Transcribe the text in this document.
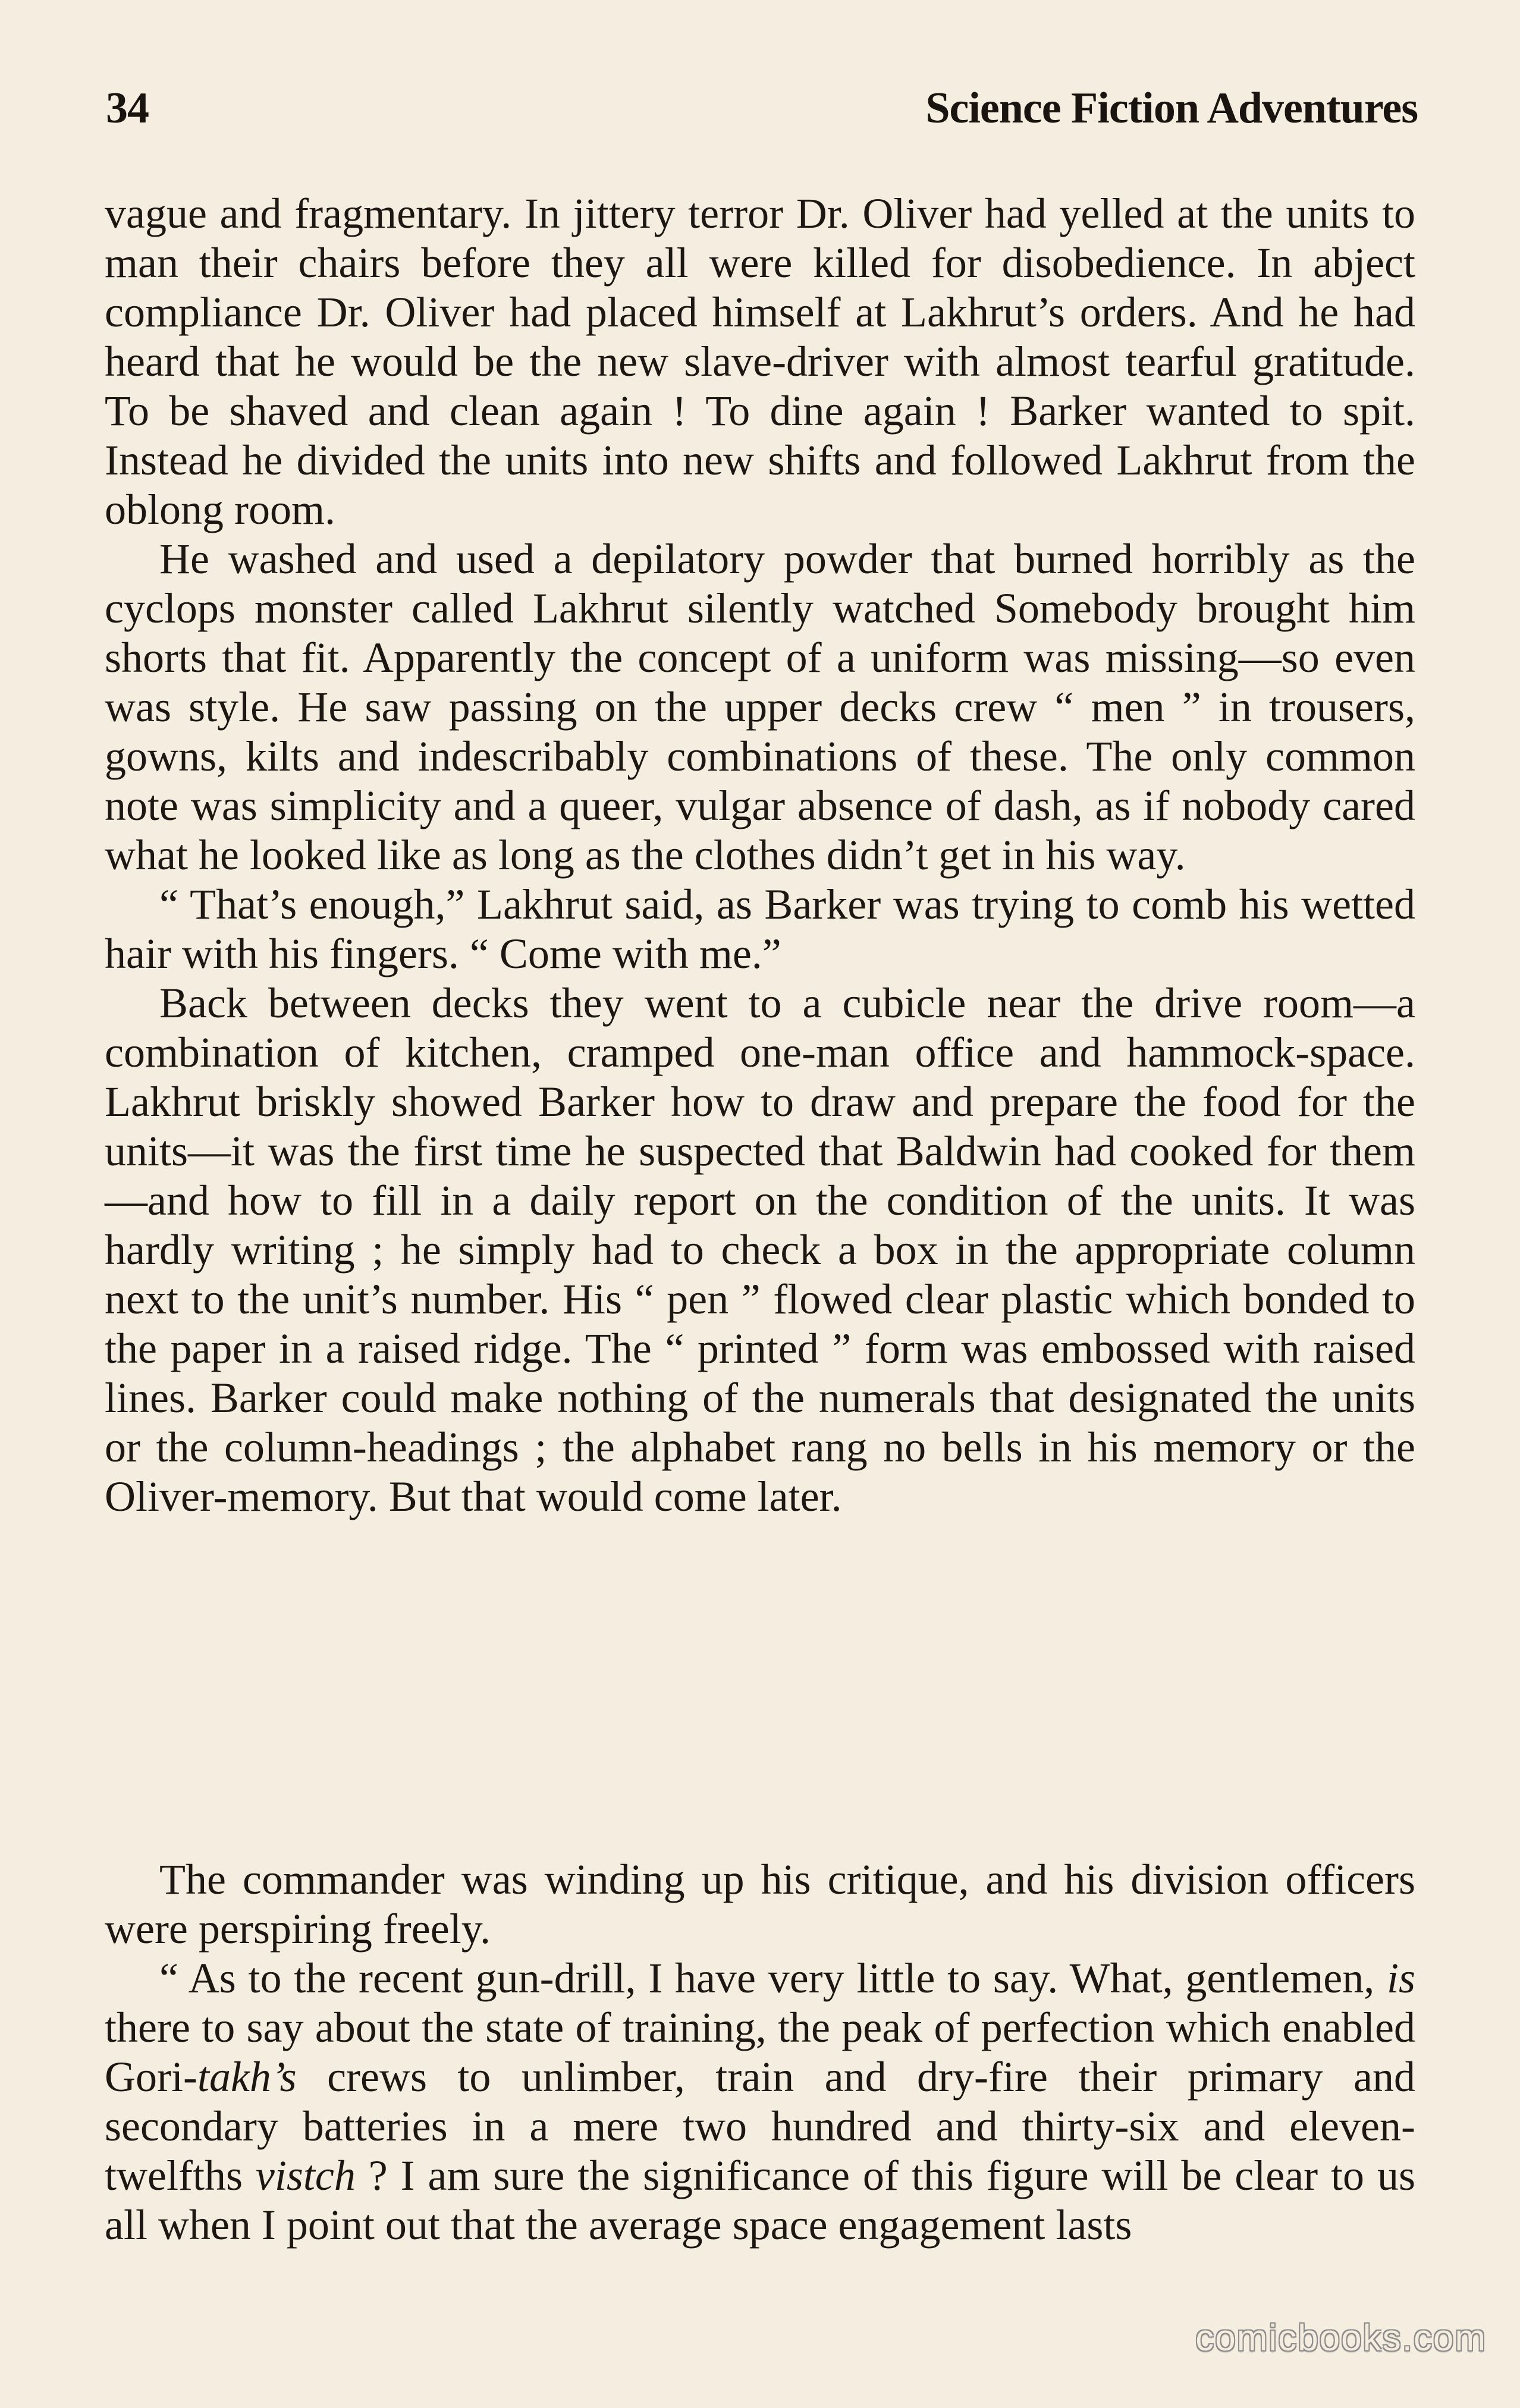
34	Science Fiction Adventures

vague and fragmentary. In jittery terror Dr. Oliver had yelled at the units to man their chairs before they all were killed for disobedience. In abject compliance Dr. Oliver had placed himself at Lakhrut’s orders. And he had heard that he would be the new slave-driver with almost tearful gratitude. To be shaved and clean again ! To dine again ! Barker wanted to spit. Instead he divided the units into new shifts and followed Lakhrut from the oblong room.

He washed and used a depilatory powder that burned horribly as the cyclops monster called Lakhrut silently watched Somebody brought him shorts that fit. Apparently the concept of a uniform was missing—so even was style. He saw passing on the upper decks crew “ men ” in trousers, gowns, kilts and indescribably combinations of these. The only common note was simplicity and a queer, vulgar absence of dash, as if nobody cared what he looked like as long as the clothes didn’t get in his way.

“ That’s enough,” Lakhrut said, as Barker was trying to comb his wetted hair with his fingers. “ Come with me.”

Back between decks they went to a cubicle near the drive room—a combination of kitchen, cramped one-man office and hammock-space. Lakhrut briskly showed Barker how to draw and prepare the food for the units—it was the first time he suspected that Baldwin had cooked for them—and how to fill in a daily report on the condition of the units. It was hardly writing ; he simply had to check a box in the appropriate column next to the unit’s number. His “ pen ” flowed clear plastic which bonded to the paper in a raised ridge. The “ printed ” form was embossed with raised lines. Barker could make nothing of the numerals that designated the units or the column-headings ; the alphabet rang no bells in his memory or the Oliver-memory. But that would come later.

The commander was winding up his critique, and his division officers were perspiring freely.

“ As to the recent gun-drill, I have very little to say. What, gentlemen, is there to say about the state of training, the peak of perfection which enabled Gori-takh’s crews to unlimber, train and dry-fire their primary and secondary batteries in a mere two hundred and thirty-six and eleven-twelfths vistch ? I am sure the significance of this figure will be clear to us all when I point out that the average space engagement lasts

comicbooks.com
